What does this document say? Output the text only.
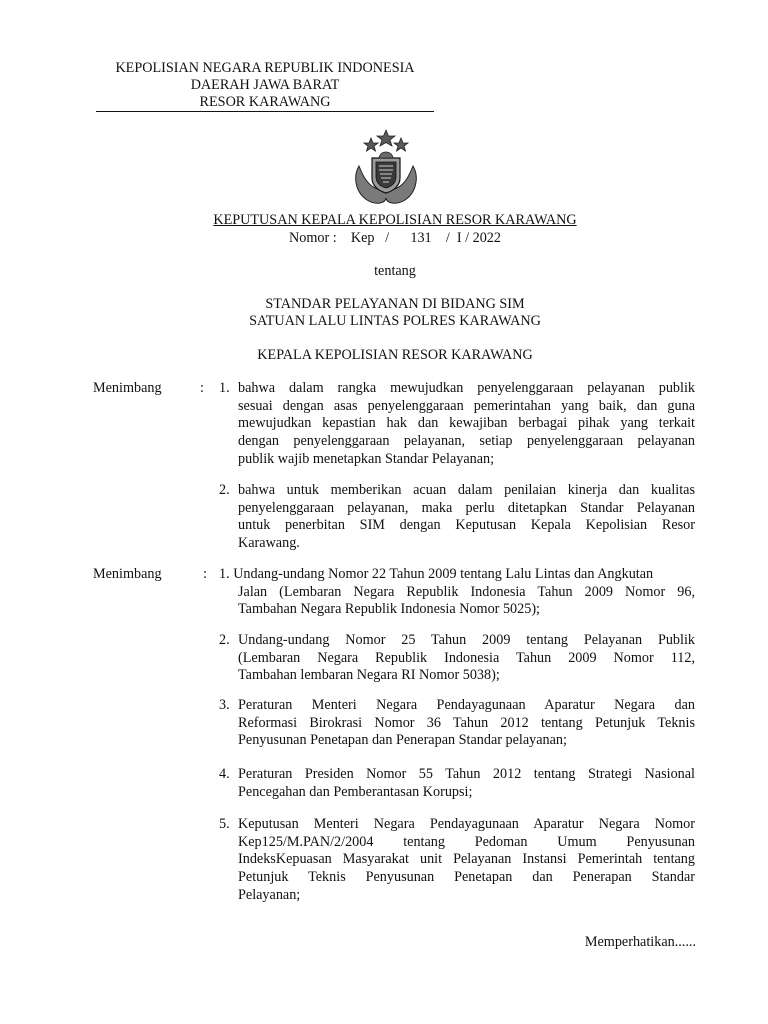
KEPOLISIAN NEGARA REPUBLIK INDONESIA
DAERAH JAWA BARAT
RESOR KARAWANG
KEPUTUSAN KEPALA KEPOLISIAN RESOR KARAWANG
Nomor :    Kep   /      131    /  I / 2022
tentang
STANDAR PELAYANAN DI BIDANG SIM
SATUAN LALU LINTAS POLRES KARAWANG
KEPALA KEPOLISIAN RESOR KARAWANG
Menimbang	: 1. bahwa dalam rangka mewujudkan penyelenggaraan pelayanan publik
sesuai dengan asas penyelenggaraan pemerintahan yang baik, dan guna
mewujudkan kepastian hak dan kewajiban berbagai pihak yang terkait
dengan penyelenggaraan pelayanan, setiap penyelenggaraan pelayanan
publik wajib menetapkan Standar Pelayanan;
2. bahwa untuk memberikan acuan dalam penilaian kinerja dan kualitas
penyelenggaraan pelayanan, maka perlu ditetapkan Standar Pelayanan
untuk penerbitan SIM dengan Keputusan Kepala Kepolisian Resor
Karawang.
Menimbang	: 1. Undang-undang Nomor 22 Tahun 2009 tentang Lalu Lintas dan Angkutan
Jalan (Lembaran Negara Republik Indonesia Tahun 2009 Nomor 96,
Tambahan Negara Republik Indonesia Nomor 5025);
2. Undang-undang Nomor 25 Tahun 2009 tentang Pelayanan Publik
(Lembaran Negara Republik Indonesia Tahun 2009 Nomor 112,
Tambahan lembaran Negara RI Nomor 5038);
3. Peraturan Menteri Negara Pendayagunaan Aparatur Negara dan
Reformasi Birokrasi Nomor 36 Tahun 2012 tentang Petunjuk Teknis
Penyusunan Penetapan dan Penerapan Standar pelayanan;
4. Peraturan Presiden Nomor 55 Tahun 2012 tentang Strategi Nasional
Pencegahan dan Pemberantasan Korupsi;
5. Keputusan Menteri Negara Pendayagunaan Aparatur Negara Nomor
Kep125/M.PAN/2/2004 tentang Pedoman Umum Penyusunan
IndeksKepuasan Masyarakat unit Pelayanan Instansi Pemerintah tentang
Petunjuk Teknis Penyusunan Penetapan dan Penerapan Standar
Pelayanan;
Memperhatikan......
